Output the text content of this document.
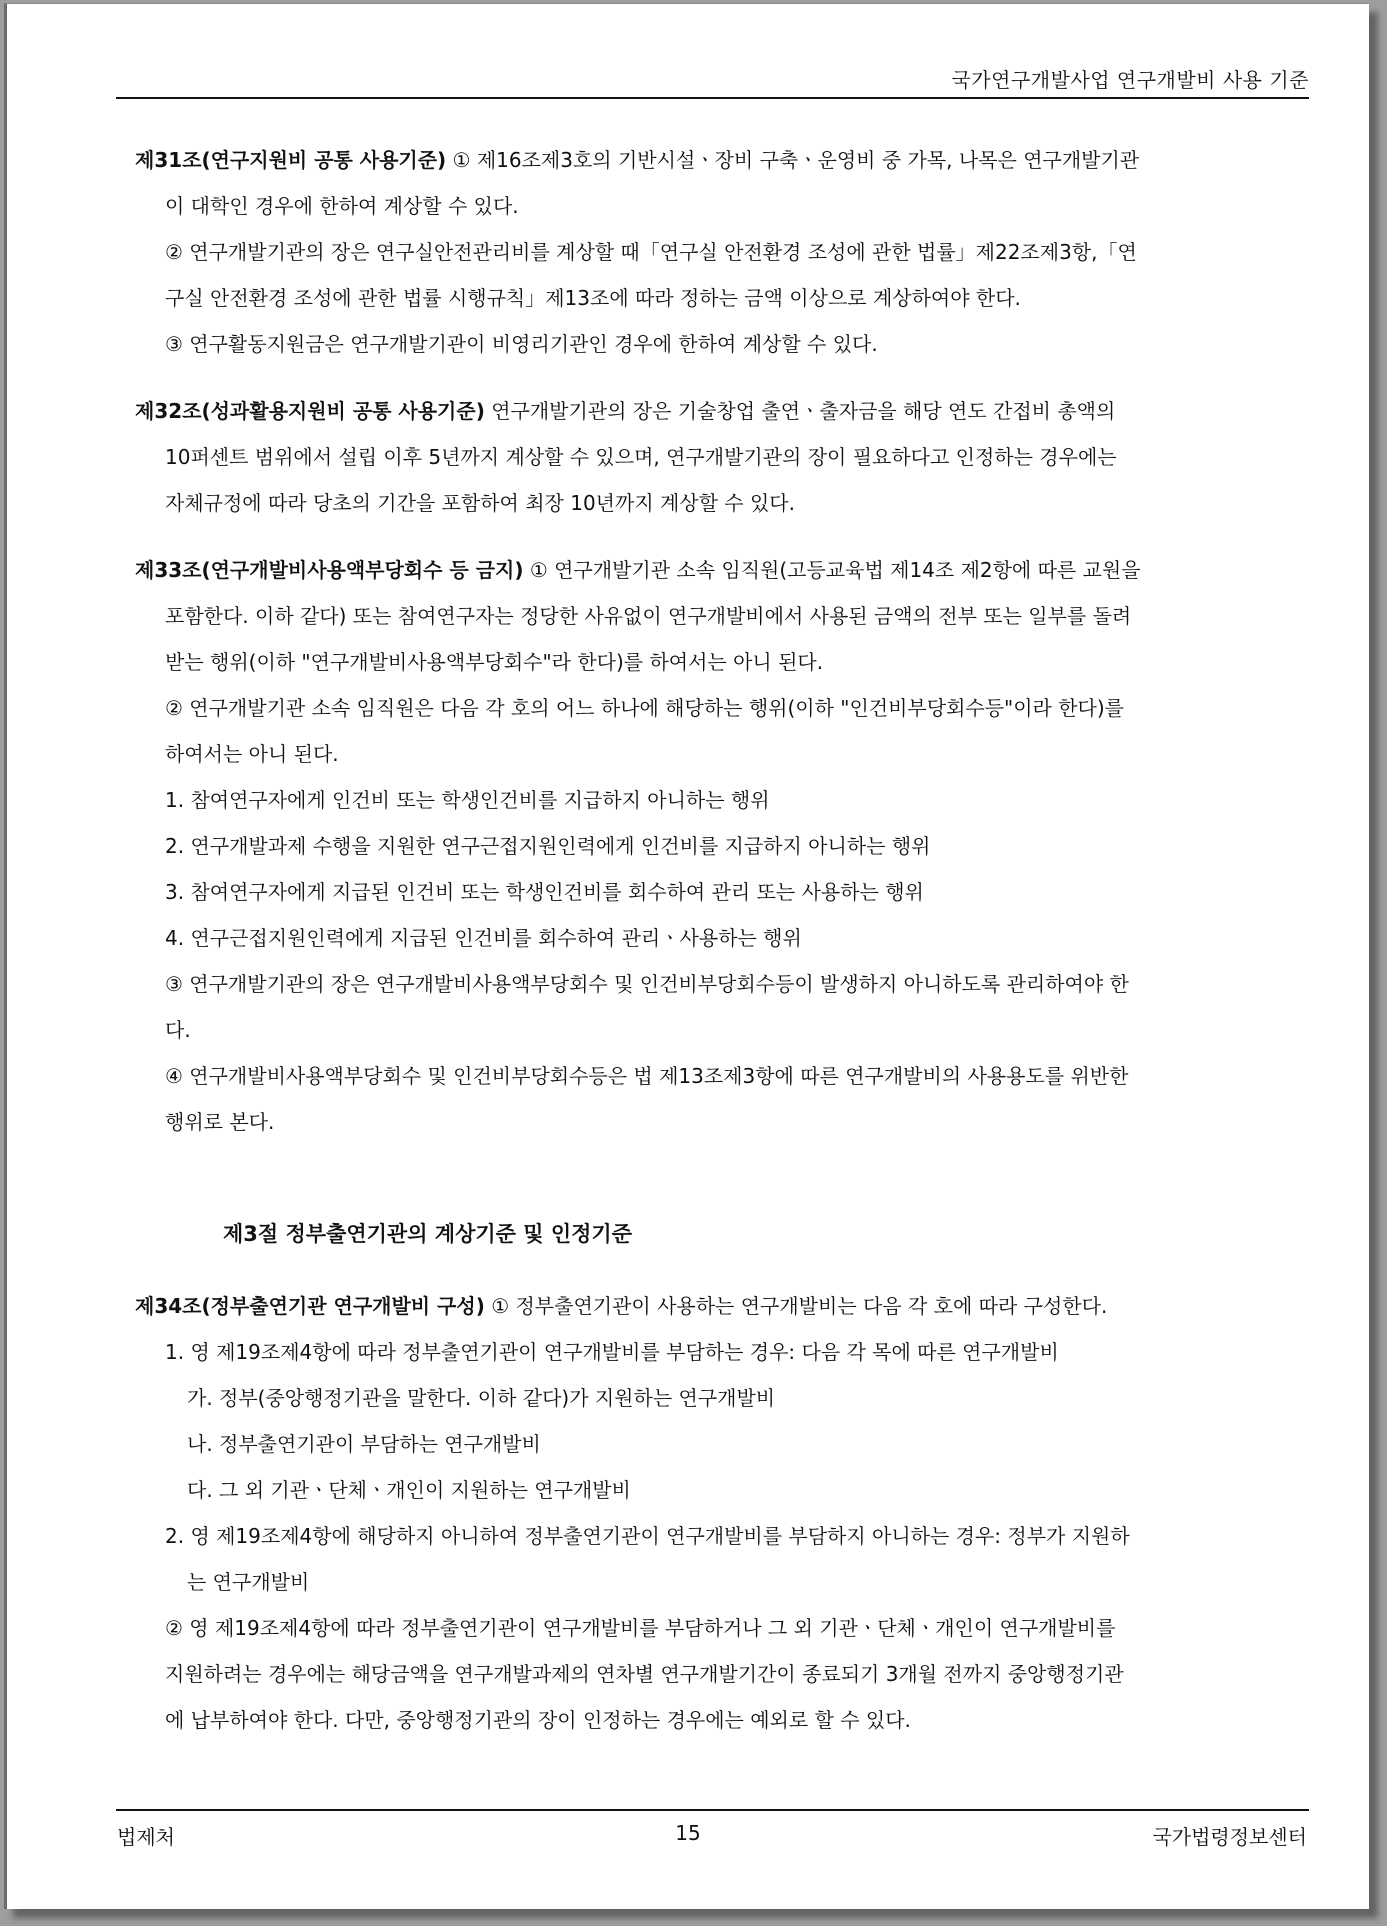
국가연구개발사업 연구개발비 사용 기준

제31조(연구지원비 공통 사용기준) ① 제16조제3호의 기반시설ㆍ장비 구축ㆍ운영비 중 가목, 나목은 연구개발기관

이 대학인 경우에 한하여 계상할 수 있다.

② 연구개발기관의 장은 연구실안전관리비를 계상할 때「연구실 안전환경 조성에 관한 법률」제22조제3항,「연

구실 안전환경 조성에 관한 법률 시행규칙」제13조에 따라 정하는 금액 이상으로 계상하여야 한다.

③ 연구활동지원금은 연구개발기관이 비영리기관인 경우에 한하여 계상할 수 있다.

제32조(성과활용지원비 공통 사용기준) 연구개발기관의 장은 기술창업 출연ㆍ출자금을 해당 연도 간접비 총액의

10퍼센트 범위에서 설립 이후 5년까지 계상할 수 있으며, 연구개발기관의 장이 필요하다고 인정하는 경우에는

자체규정에 따라 당초의 기간을 포함하여 최장 10년까지 계상할 수 있다.

제33조(연구개발비사용액부당회수 등 금지) ① 연구개발기관 소속 임직원(고등교육법 제14조 제2항에 따른 교원을

포함한다. 이하 같다) 또는 참여연구자는 정당한 사유없이 연구개발비에서 사용된 금액의 전부 또는 일부를 돌려

받는 행위(이하 "연구개발비사용액부당회수"라 한다)를 하여서는 아니 된다.

② 연구개발기관 소속 임직원은 다음 각 호의 어느 하나에 해당하는 행위(이하 "인건비부당회수등"이라 한다)를

하여서는 아니 된다.

1. 참여연구자에게 인건비 또는 학생인건비를 지급하지 아니하는 행위

2. 연구개발과제 수행을 지원한 연구근접지원인력에게 인건비를 지급하지 아니하는 행위

3. 참여연구자에게 지급된 인건비 또는 학생인건비를 회수하여 관리 또는 사용하는 행위

4. 연구근접지원인력에게 지급된 인건비를 회수하여 관리ㆍ사용하는 행위

③ 연구개발기관의 장은 연구개발비사용액부당회수 및 인건비부당회수등이 발생하지 아니하도록 관리하여야 한

다.

④ 연구개발비사용액부당회수 및 인건비부당회수등은 법 제13조제3항에 따른 연구개발비의 사용용도를 위반한

행위로 본다.

제3절 정부출연기관의 계상기준 및 인정기준

제34조(정부출연기관 연구개발비 구성) ① 정부출연기관이 사용하는 연구개발비는 다음 각 호에 따라 구성한다.

1. 영 제19조제4항에 따라 정부출연기관이 연구개발비를 부담하는 경우: 다음 각 목에 따른 연구개발비

가. 정부(중앙행정기관을 말한다. 이하 같다)가 지원하는 연구개발비

나. 정부출연기관이 부담하는 연구개발비

다. 그 외 기관ㆍ단체ㆍ개인이 지원하는 연구개발비

2. 영 제19조제4항에 해당하지 아니하여 정부출연기관이 연구개발비를 부담하지 아니하는 경우: 정부가 지원하

는 연구개발비

② 영 제19조제4항에 따라 정부출연기관이 연구개발비를 부담하거나 그 외 기관ㆍ단체ㆍ개인이 연구개발비를

지원하려는 경우에는 해당금액을 연구개발과제의 연차별 연구개발기간이 종료되기 3개월 전까지 중앙행정기관

에 납부하여야 한다. 다만, 중앙행정기관의 장이 인정하는 경우에는 예외로 할 수 있다.

법제처	15	국가법령정보센터
